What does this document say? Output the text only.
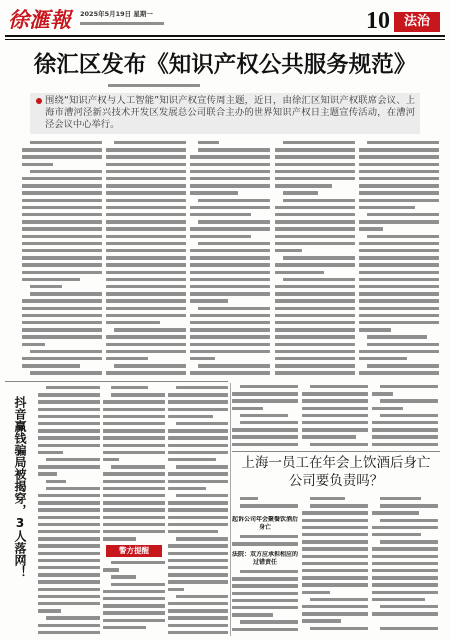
徐滙報	2025年5月19日 星期一	10	法治
徐汇区发布《知识产权公共服务规范》
围绕“知识产权与人工智能”知识产权宣传周主题，近日，由徐汇区知识产权联席会议、上海市漕河泾新兴技术开发区发展总公司联合主办的世界知识产权日主题宣传活动，在漕河泾会议中心举行。
抖音赢钱骗局被揭穿，3人落网！	警方提醒
上海一员工在年会上饮酒后身亡
公司要负责吗？
起诉公司年会聚餐饮酒后身亡
法院：双方应承担相应的过错责任
